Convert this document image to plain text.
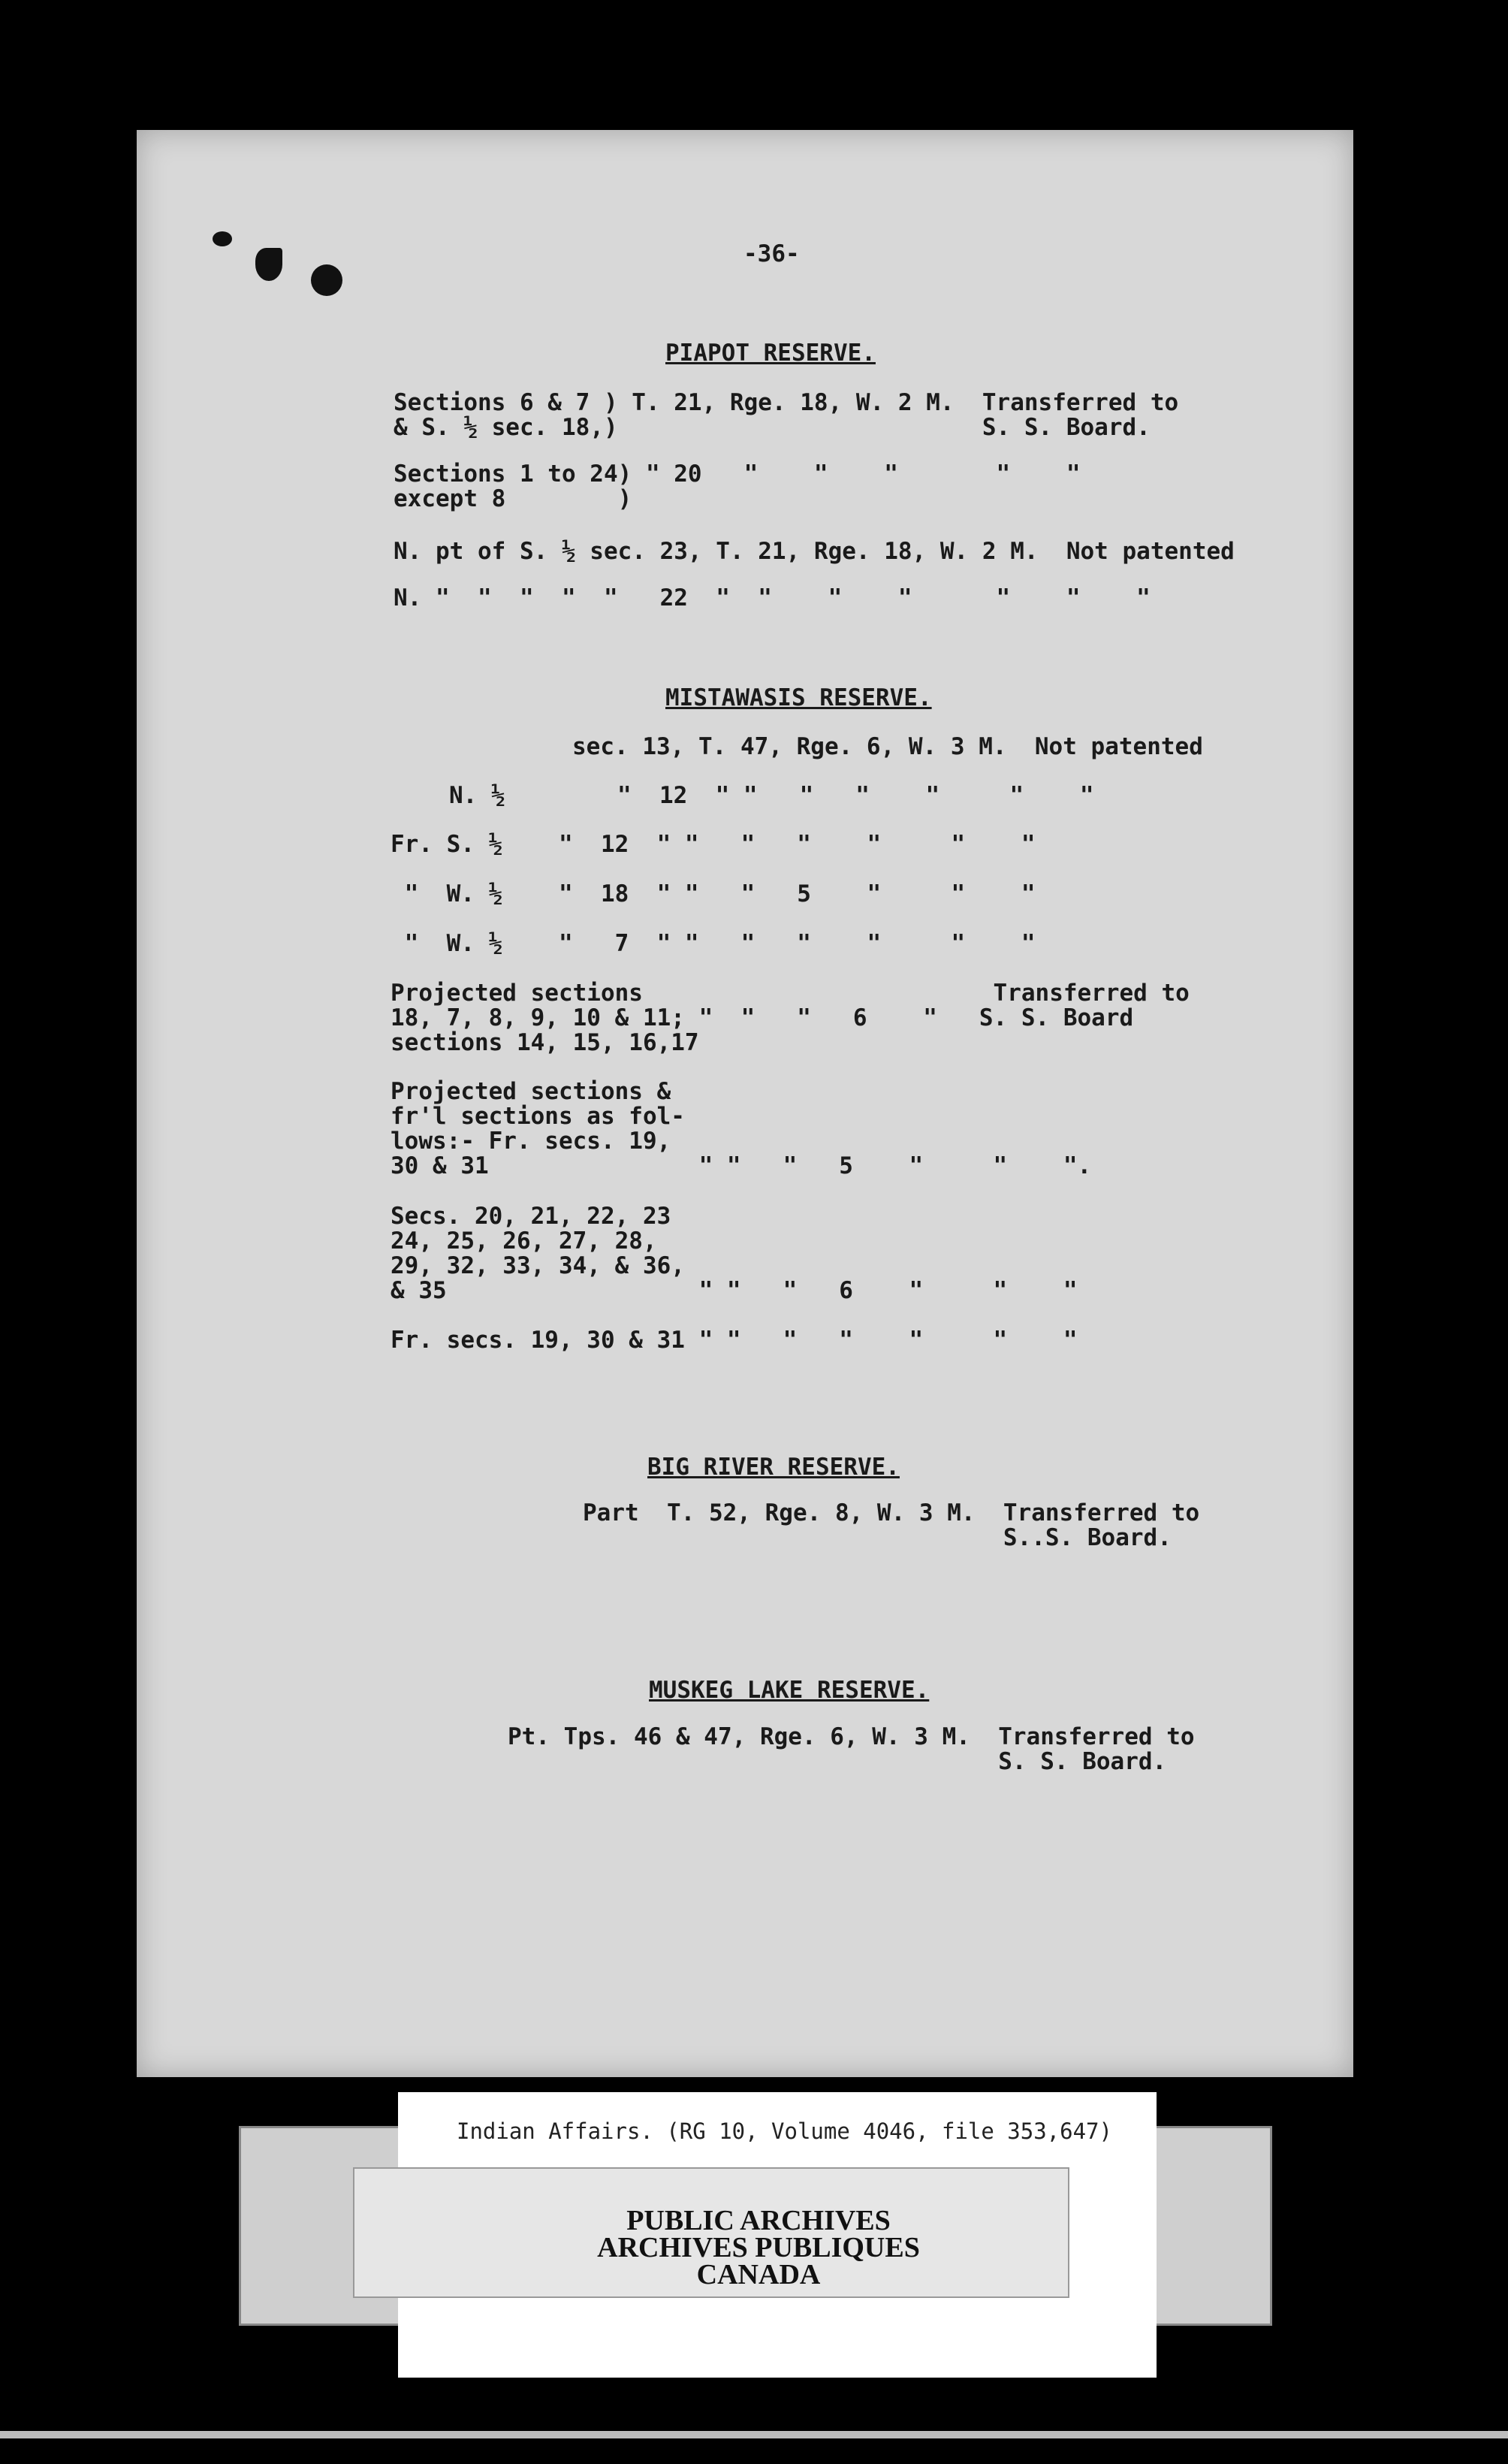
-36-
PIAPOT RESERVE.
Sections 6 & 7 ) T. 21, Rge. 18, W. 2 M.  Transferred to
& S. ½ sec. 18,)                          S. S. Board.
Sections 1 to 24) " 20   "    "    "       "    "
except 8        )
N. pt of S. ½ sec. 23, T. 21, Rge. 18, W. 2 M.  Not patented
N. "  "  "  "  "   22  "  "    "    "      "    "    "
MISTAWASIS RESERVE.
sec. 13, T. 47, Rge. 6, W. 3 M.  Not patented
N. ½        "  12  " "   "   "    "     "    "
Fr. S. ½    "  12  " "   "   "    "     "    "
"  W. ½    "  18  " "   "   5    "     "    "
"  W. ½    "   7  " "   "   "    "     "    "
Projected sections                         Transferred to
18, 7, 8, 9, 10 & 11; "  "   "   6    "   S. S. Board
sections 14, 15, 16,17
Projected sections &
fr'l sections as fol-
lows:- Fr. secs. 19,
30 & 31               " "   "   5    "     "    ".
Secs. 20, 21, 22, 23
24, 25, 26, 27, 28,
29, 32, 33, 34, & 36,
& 35                  " "   "   6    "     "    "
Fr. secs. 19, 30 & 31 " "   "   "    "     "    "
BIG RIVER RESERVE.
Part  T. 52, Rge. 8, W. 3 M.  Transferred to
S..S. Board.
MUSKEG LAKE RESERVE.
Pt. Tps. 46 & 47, Rge. 6, W. 3 M.  Transferred to
S. S. Board.
Indian Affairs. (RG 10, Volume 4046, file 353,647)
PUBLIC ARCHIVES
ARCHIVES PUBLIQUES
CANADA
